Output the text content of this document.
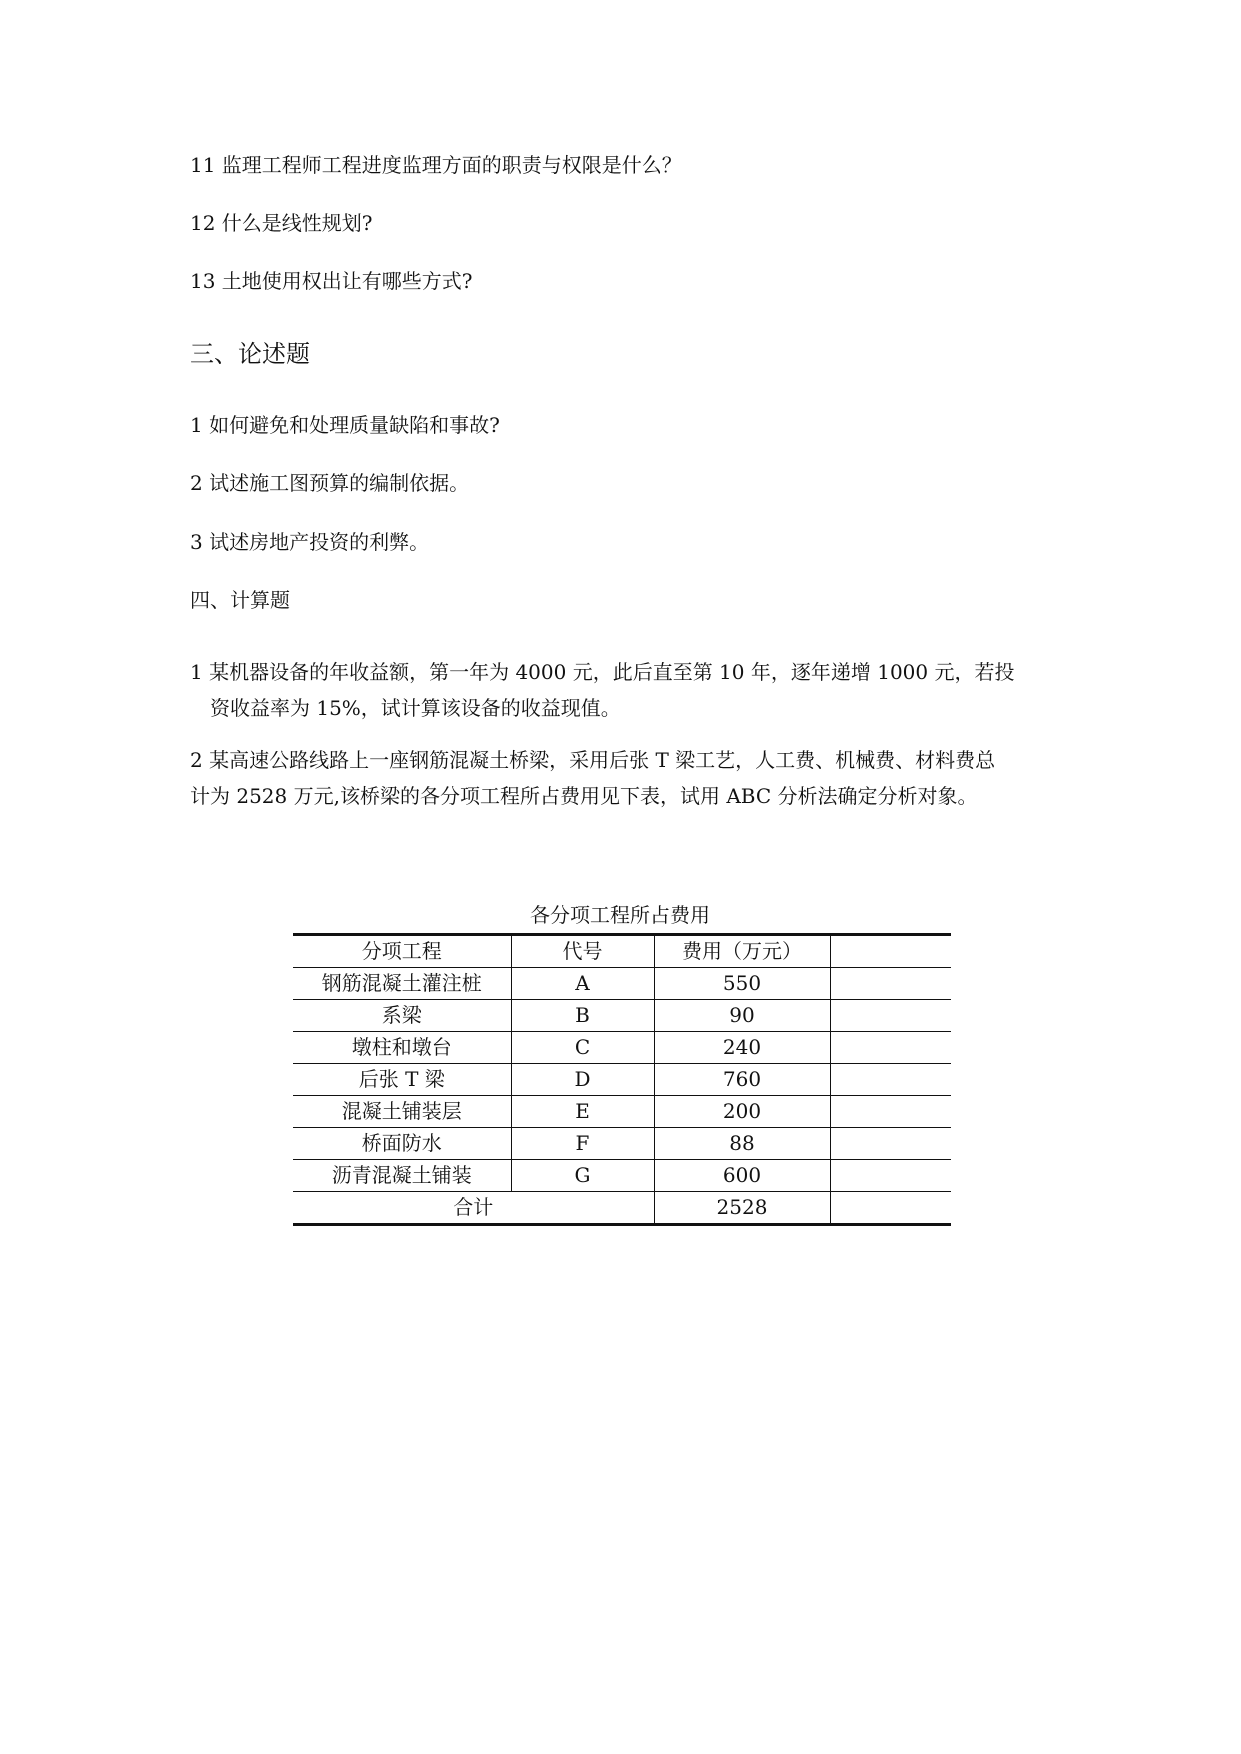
11 监理工程师工程进度监理方面的职责与权限是什么？
12 什么是线性规划?
13 土地使用权出让有哪些方式?
三、论述题
1 如何避免和处理质量缺陷和事故?
2 试述施工图预算的编制依据。
3 试述房地产投资的利弊。
四、计算题
1 某机器设备的年收益额，第一年为 4000 元，此后直至第 10 年，逐年递增 1000 元，若投
资收益率为 15%，试计算该设备的收益现值。
2 某高速公路线路上一座钢筋混凝土桥梁，采用后张 T 梁工艺，人工费、机械费、材料费总
计为 2528 万元,该桥梁的各分项工程所占费用见下表，试用 ABC 分析法确定分析对象。
各分项工程所占费用
分项工程	代号	费用（万元）	
钢筋混凝土灌注桩	A	550	
系梁	B	90	
墩柱和墩台	C	240	
后张 T 梁	D	760	
混凝土铺装层	E	200	
桥面防水	F	88	
沥青混凝土铺装	G	600	
合计		2528	
